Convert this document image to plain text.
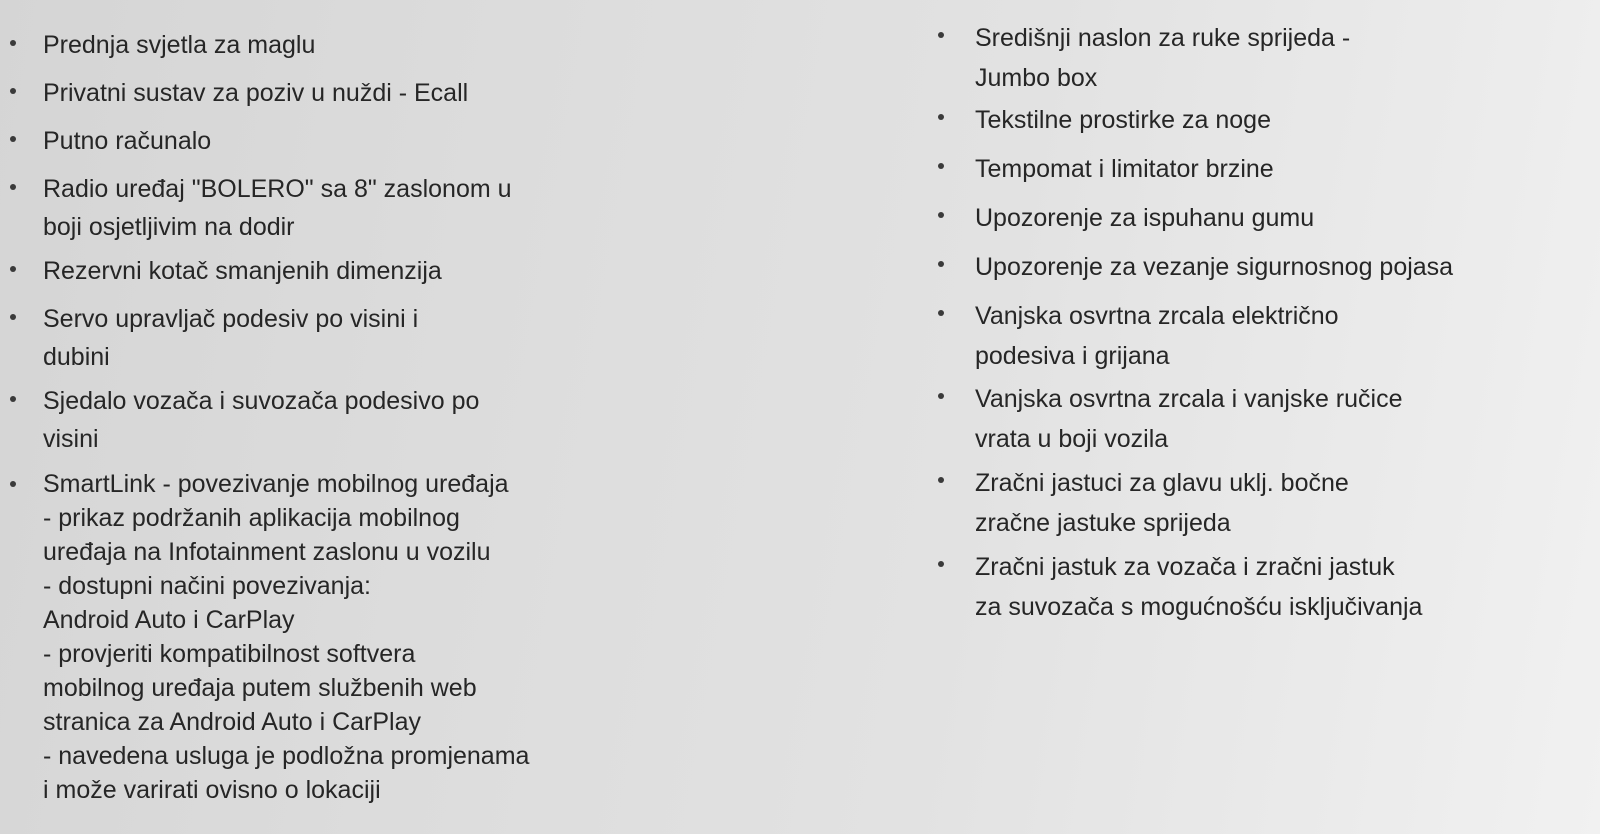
Prednja svjetla za maglu
Privatni sustav za poziv u nuždi - Ecall
Putno računalo
Radio uređaj "BOLERO" sa 8" zaslonom u
boji osjetljivim na dodir
Rezervni kotač smanjenih dimenzija
Servo upravljač podesiv po visini i
dubini
Sjedalo vozača i suvozača podesivo po
visini
SmartLink - povezivanje mobilnog uređaja
- prikaz podržanih aplikacija mobilnog
uređaja na Infotainment zaslonu u vozilu
- dostupni načini povezivanja:
Android Auto i CarPlay
- provjeriti kompatibilnost softvera
mobilnog uređaja putem službenih web
stranica za Android Auto i CarPlay
- navedena usluga je podložna promjenama
i može varirati ovisno o lokaciji
Središnji naslon za ruke sprijeda -
Jumbo box
Tekstilne prostirke za noge
Tempomat i limitator brzine
Upozorenje za ispuhanu gumu
Upozorenje za vezanje sigurnosnog pojasa
Vanjska osvrtna zrcala električno
podesiva i grijana
Vanjska osvrtna zrcala i vanjske ručice
vrata u boji vozila
Zračni jastuci za glavu uklj. bočne
zračne jastuke sprijeda
Zračni jastuk za vozača i zračni jastuk
za suvozača s mogućnošću isključivanja
